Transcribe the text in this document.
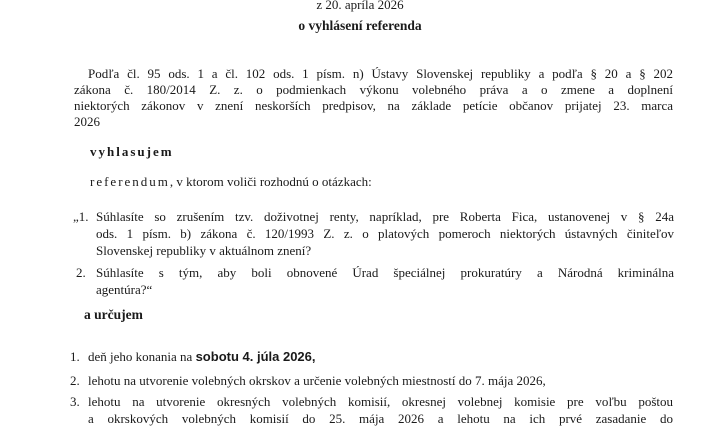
z 20. apríla 2026
o vyhlásení referenda
Podľa čl. 95 ods. 1 a čl. 102 ods. 1 písm. n) Ústavy Slovenskej republiky a podľa § 20 a § 202
zákona č. 180/2014 Z. z. o podmienkach výkonu volebného práva a o zmene a doplnení
niektorých zákonov v znení neskorších predpisov, na základe petície občanov prijatej 23. marca
2026
vyhlasujem
referendum, v ktorom voliči rozhodnú o otázkach:
„1. Súhlasíte so zrušením tzv. doživotnej renty, napríklad, pre Roberta Fica, ustanovenej v § 24a
ods. 1 písm. b) zákona č. 120/1993 Z. z. o platových pomeroch niektorých ústavných činiteľov
Slovenskej republiky v aktuálnom znení?
2. Súhlasíte s tým, aby boli obnovené Úrad špeciálnej prokuratúry a Národná kriminálna
agentúra?“
a určujem
1. deň jeho konania na sobotu 4. júla 2026,
2. lehotu na utvorenie volebných okrskov a určenie volebných miestností do 7. mája 2026,
3. lehotu na utvorenie okresných volebných komisií, okresnej volebnej komisie pre voľbu poštou
a okrskových volebných komisií do 25. mája 2026 a lehotu na ich prvé zasadanie do
